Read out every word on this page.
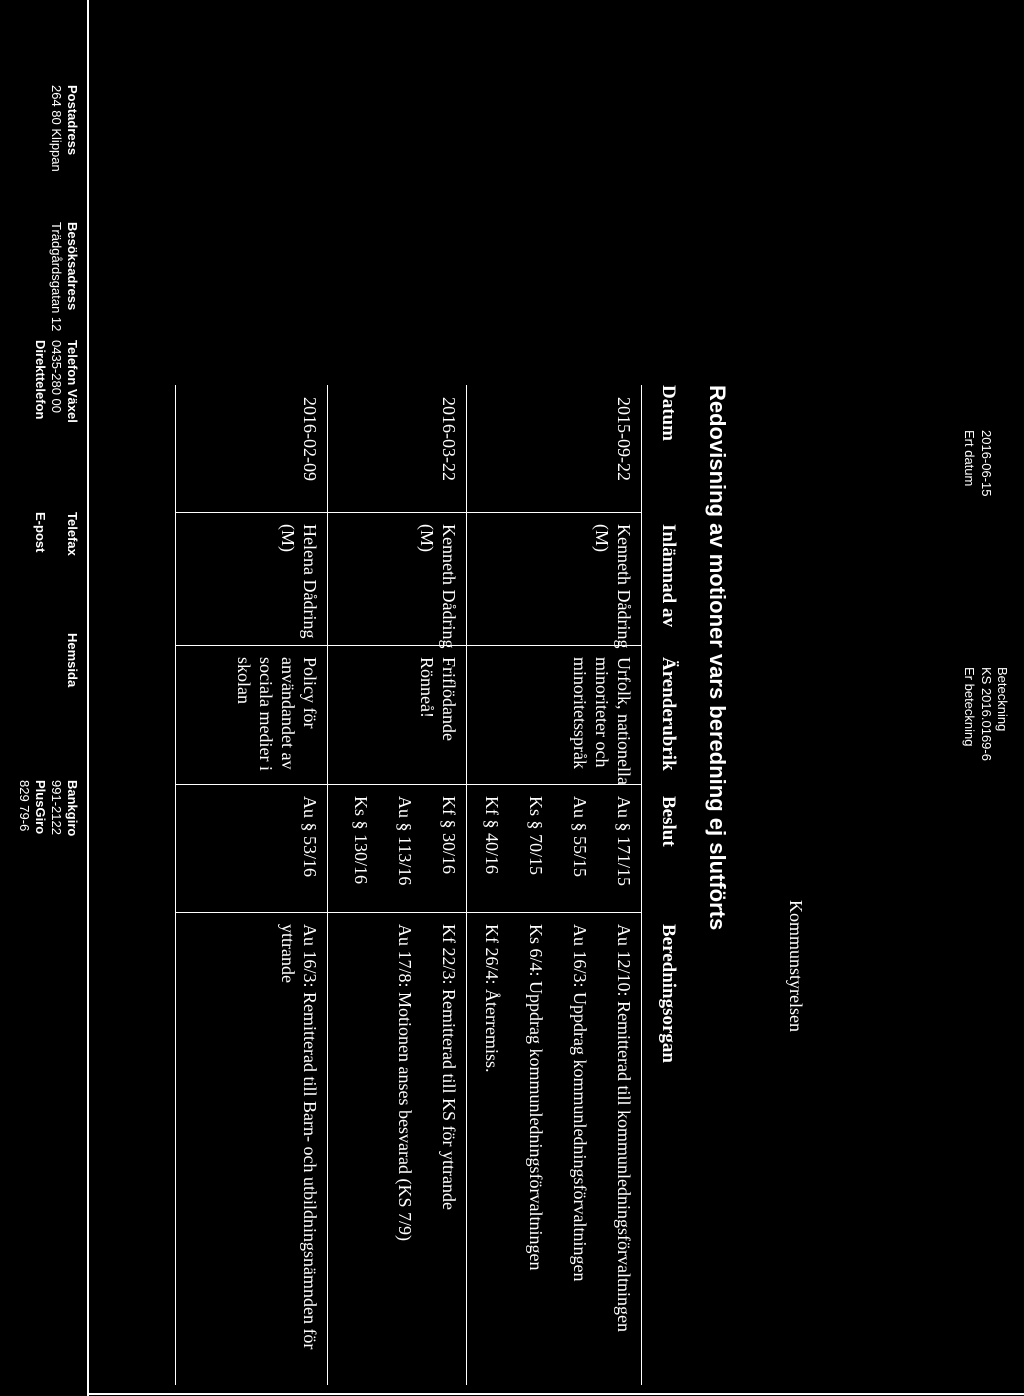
2016-06-15
Ert datum
Beteckning
KS 2016.0169-6
Er beteckning
Kommunstyrelsen
Redovisning av motioner vars beredning ej slutförts
Datum
Inlämnad av
Ärenderubrik
Beslut
Beredningsorgan
2015-09-22
Kenneth Dådring
(M)
Urfolk, nationella
minoriteter och
minoritetsspråk
Au § 171/15
Au § 55/15
Ks § 70/15
Kf § 40/16
Au 12/10: Remitterad till kommunledningsförvaltningen
Au 16/3: Uppdrag kommunledningsförvaltningen
Ks 6/4: Uppdrag kommunledningsförvaltningen
Kf 26/4: Återremiss.
2016-03-22
Kenneth Dådring
(M)
Friflödande
Rönneå!
Kf § 30/16
Au § 113/16
Ks § 130/16
Kf 22/3: Remitterad till KS för yttrande
Au 17/8: Motionen anses besvarad (KS 7/9)
2016-02-09
Helena Dådring
(M)
Policy för
användandet av
sociala medier i
skolan
Au § 53/16
Au 16/3: Remitterad till Barn- och utbildningsnämnden för
yttrande
Postadress
264 80 Klippan
Besöksadress
Trädgårdsgatan 12
Telefon Växel
0435-280 00
Direkttelefon
Telefax
E-post
Hemsida
Bankgiro
991-2122
PlusGiro
829 79-6
